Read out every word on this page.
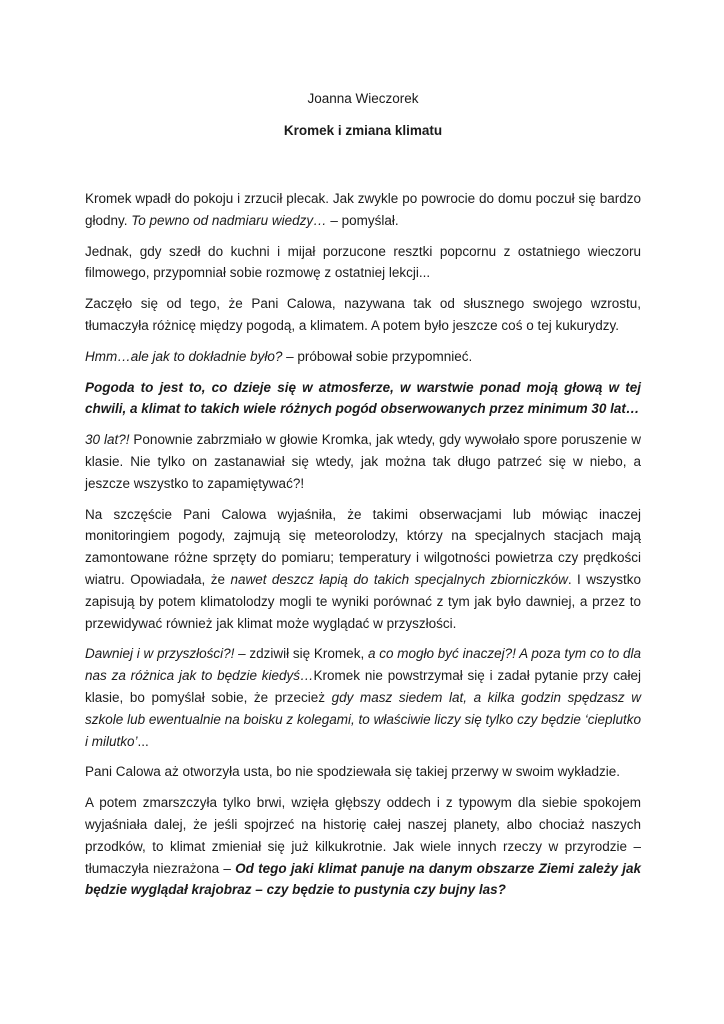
Joanna Wieczorek
Kromek i zmiana klimatu

Kromek wpadł do pokoju i zrzucił plecak. Jak zwykle po powrocie do domu poczuł się bardzo głodny. To pewno od nadmiaru wiedzy… – pomyślał.

Jednak, gdy szedł do kuchni i mijał porzucone resztki popcornu z ostatniego wieczoru filmowego, przypomniał sobie rozmowę z ostatniej lekcji...

Zaczęło się od tego, że Pani Calowa, nazywana tak od słusznego swojego wzrostu, tłumaczyła różnicę między pogodą, a klimatem. A potem było jeszcze coś o tej kukurydzy.

Hmm…ale jak to dokładnie było? – próbował sobie przypomnieć.

Pogoda to jest to, co dzieje się w atmosferze, w warstwie ponad moją głową w tej chwili, a klimat to takich wiele różnych pogód obserwowanych przez minimum 30 lat…

30 lat?! Ponownie zabrzmiało w głowie Kromka, jak wtedy, gdy wywołało spore poruszenie w klasie. Nie tylko on zastanawiał się wtedy, jak można tak długo patrzeć się w niebo, a jeszcze wszystko to zapamiętywać?!

Na szczęście Pani Calowa wyjaśniła, że takimi obserwacjami lub mówiąc inaczej monitoringiem pogody, zajmują się meteorolodzy, którzy na specjalnych stacjach mają zamontowane różne sprzęty do pomiaru; temperatury i wilgotności powietrza czy prędkości wiatru. Opowiadała, że nawet deszcz łapią do takich specjalnych zbiorniczków. I wszystko zapisują by potem klimatolodzy mogli te wyniki porównać z tym jak było dawniej, a przez to przewidywać również jak klimat może wyglądać w przyszłości.

Dawniej i w przyszłości?! – zdziwił się Kromek, a co mogło być inaczej?! A poza tym co to dla nas za różnica jak to będzie kiedyś…Kromek nie powstrzymał się i zadał pytanie przy całej klasie, bo pomyślał sobie, że przecież gdy masz siedem lat, a kilka godzin spędzasz w szkole lub ewentualnie na boisku z kolegami, to właściwie liczy się tylko czy będzie ‘cieplutko i milutko’...

Pani Calowa aż otworzyła usta, bo nie spodziewała się takiej przerwy w swoim wykładzie.

A potem zmarszczyła tylko brwi, wzięła głębszy oddech i z typowym dla siebie spokojem wyjaśniała dalej, że jeśli spojrzeć na historię całej naszej planety, albo chociaż naszych przodków, to klimat zmieniał się już kilkukrotnie. Jak wiele innych rzeczy w przyrodzie – tłumaczyła niezrażona – Od tego jaki klimat panuje na danym obszarze Ziemi zależy jak będzie wyglądał krajobraz – czy będzie to pustynia czy bujny las?
